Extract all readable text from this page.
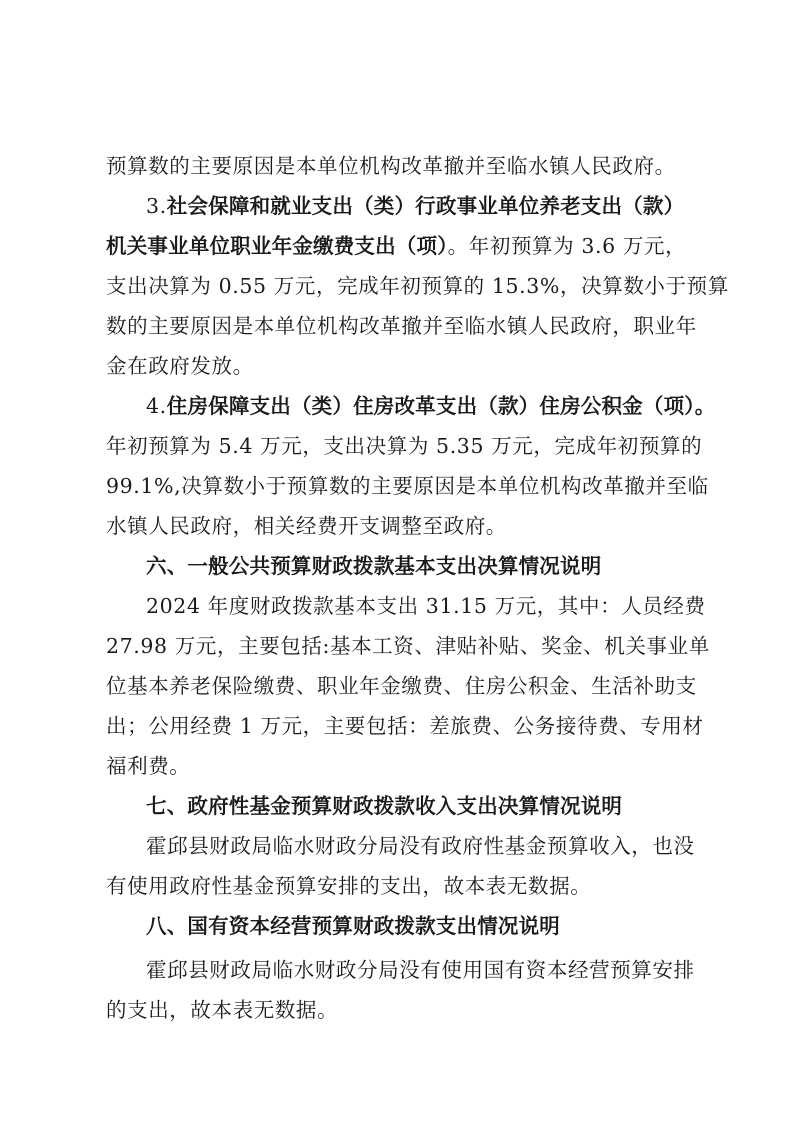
预算数的主要原因是本单位机构改革撤并至临水镇人民政府。
3.社会保障和就业支出（类）行政事业单位养老支出（款）
机关事业单位职业年金缴费支出（项）。年初预算为 3.6 万元，
支出决算为 0.55 万元，完成年初预算的 15.3%，决算数小于预算
数的主要原因是本单位机构改革撤并至临水镇人民政府，职业年
金在政府发放。
4.住房保障支出（类）住房改革支出（款）住房公积金（项）。
年初预算为 5.4 万元，支出决算为 5.35 万元，完成年初预算的
99.1%,决算数小于预算数的主要原因是本单位机构改革撤并至临
水镇人民政府，相关经费开支调整至政府。
六、一般公共预算财政拨款基本支出决算情况说明
2024 年度财政拨款基本支出 31.15 万元，其中：人员经费
27.98 万元，主要包括:基本工资、津贴补贴、奖金、机关事业单
位基本养老保险缴费、职业年金缴费、住房公积金、生活补助支
出；公用经费 1 万元，主要包括：差旅费、公务接待费、专用材
福利费。
七、政府性基金预算财政拨款收入支出决算情况说明
霍邱县财政局临水财政分局没有政府性基金预算收入，也没
有使用政府性基金预算安排的支出，故本表无数据。
八、国有资本经营预算财政拨款支出情况说明
霍邱县财政局临水财政分局没有使用国有资本经营预算安排
的支出，故本表无数据。
